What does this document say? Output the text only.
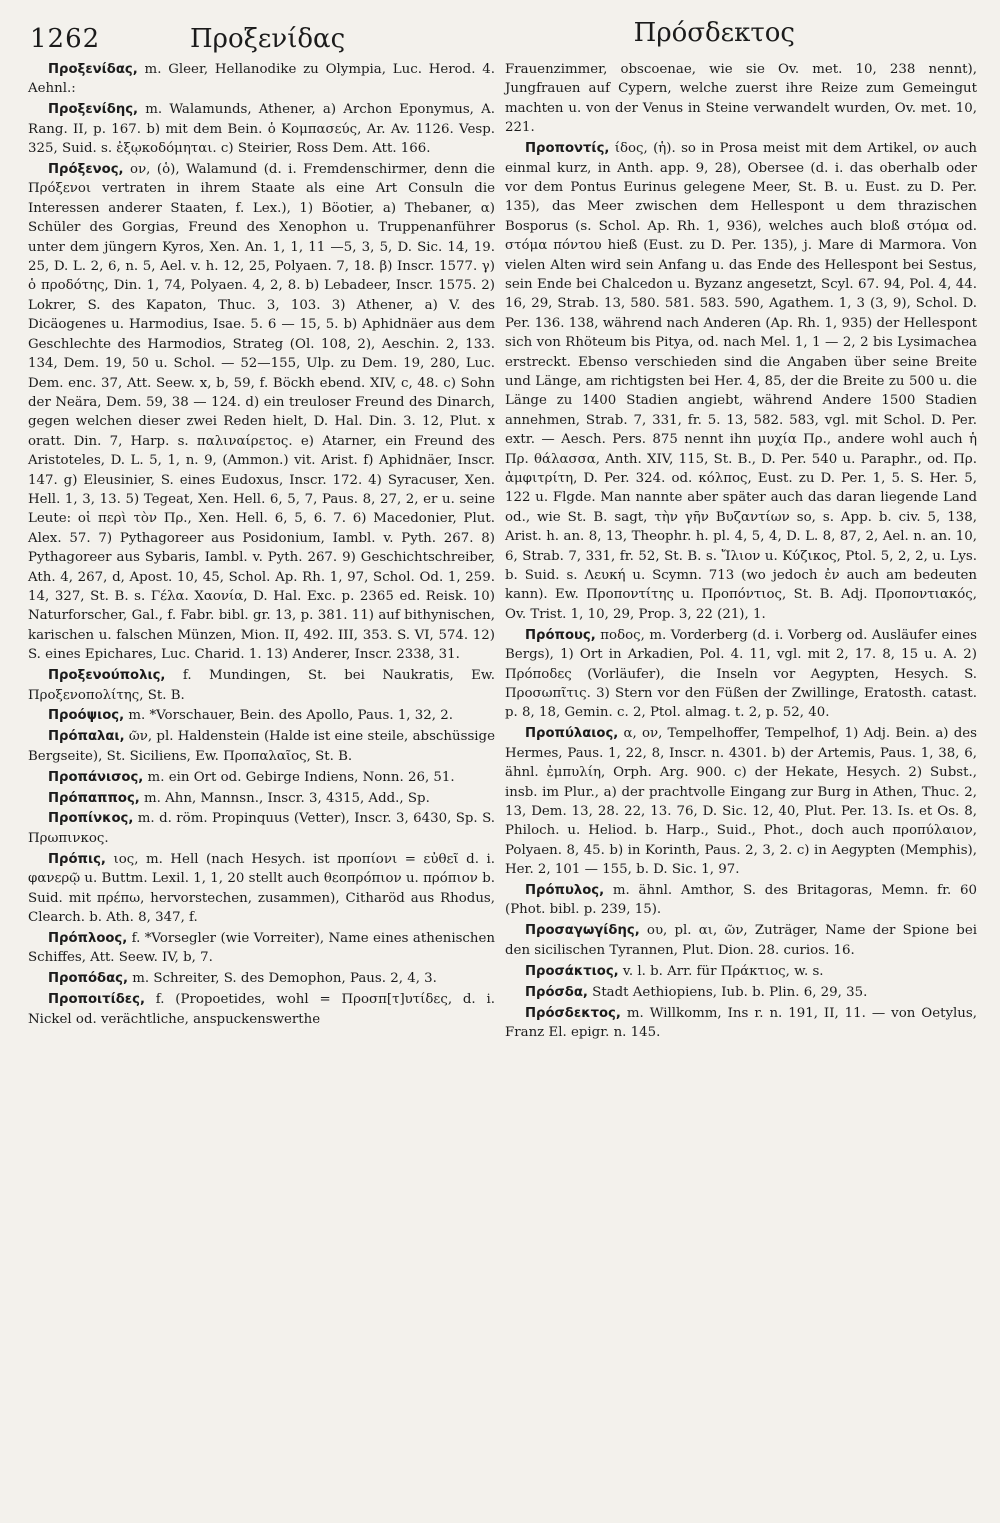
1262	Προξενίδας	Πρόσδεκτος

Προξενίδας, m. Gleer, Hellanodike zu Olympia, Luc. Herod. 4. Aehnl.:

Προξενίδης, m. Walamunds, Athener, a) Archon Eponymus, A. Rang. II, p. 167. b) mit dem Bein. ὁ Κομπασεύς, Ar. Av. 1126. Vesp. 325, Suid. s. ἐξῳκοδόμηται. c) Steirier, Ross Dem. Att. 166.

Πρόξενος, ον, (ὁ), Walamund (d. i. Fremdenschirmer, denn die Πρόξενοι vertraten in ihrem Staate als eine Art Consuln die Interessen anderer Staaten, f. Lex.), 1) Böotier, a) Thebaner, α) Schüler des Gorgias, Freund des Xenophon u. Truppenanführer unter dem jüngern Kyros, Xen. An. 1, 1, 11 —5, 3, 5, D. Sic. 14, 19. 25, D. L. 2, 6, n. 5, Ael. v. h. 12, 25, Polyaen. 7, 18. β) Inscr. 1577. γ) ὁ προδότης, Din. 1, 74, Polyaen. 4, 2, 8. b) Lebadeer, Inscr. 1575. 2) Lokrer, S. des Kapaton, Thuc. 3, 103. 3) Athener, a) V. des Dicäogenes u. Harmodius, Isae. 5. 6 — 15, 5. b) Aphidnäer aus dem Geschlechte des Harmodios, Strateg (Ol. 108, 2), Aeschin. 2, 133. 134, Dem. 19, 50 u. Schol. — 52—155, Ulp. zu Dem. 19, 280, Luc. Dem. enc. 37, Att. Seew. x, b, 59, f. Böckh ebend. XIV, c, 48. c) Sohn der Neära, Dem. 59, 38 — 124. d) ein treuloser Freund des Dinarch, gegen welchen dieser zwei Reden hielt, D. Hal. Din. 3. 12, Plut. x oratt. Din. 7, Harp. s. παλιναίρετος. e) Atarner, ein Freund des Aristoteles, D. L. 5, 1, n. 9, (Ammon.) vit. Arist. f) Aphidnäer, Inscr. 147. g) Eleusinier, S. eines Eudoxus, Inscr. 172. 4) Syracuser, Xen. Hell. 1, 3, 13. 5) Tegeat, Xen. Hell. 6, 5, 7, Paus. 8, 27, 2, er u. seine Leute: οἱ περὶ τὸν Πρ., Xen. Hell. 6, 5, 6. 7. 6) Macedonier, Plut. Alex. 57. 7) Pythagoreer aus Posidonium, Iambl. v. Pyth. 267. 8) Pythagoreer aus Sybaris, Iambl. v. Pyth. 267. 9) Geschichtschreiber, Ath. 4, 267, d, Apost. 10, 45, Schol. Ap. Rh. 1, 97, Schol. Od. 1, 259. 14, 327, St. B. s. Γέλα. Χαονία, D. Hal. Exc. p. 2365 ed. Reisk. 10) Naturforscher, Gal., f. Fabr. bibl. gr. 13, p. 381. 11) auf bithynischen, karischen u. falschen Münzen, Mion. II, 492. III, 353. S. VI, 574. 12) S. eines Epichares, Luc. Charid. 1. 13) Anderer, Inscr. 2338, 31.

Προξενούπολις, f. Mundingen, St. bei Naukratis, Ew. Προξενοπολίτης, St. B.

Προόψιος, m. *Vorschauer, Bein. des Apollo, Paus. 1, 32, 2.

Πρόπαλαι, ῶν, pl. Haldenstein (Halde ist eine steile, abschüssige Bergseite), St. Siciliens, Ew. Προπαλαῖος, St. B.

Προπάνισος, m. ein Ort od. Gebirge Indiens, Nonn. 26, 51.

Πρόπαππος, m. Ahn, Mannsn., Inscr. 3, 4315, Add., Sp.

Προπίνκος, m. d. röm. Propinquus (Vetter), Inscr. 3, 6430, Sp. S. Πρωπινκος.

Πρόπις, ιος, m. Hell (nach Hesych. ist προπίονι = εὐθεῖ d. i. φανερῷ u. Buttm. Lexil. 1, 1, 20 stellt auch θεοπρόπιον u. πρόπιον b. Suid. mit πρέπω, hervorstechen, zusammen), Citharöd aus Rhodus, Clearch. b. Ath. 8, 347, f.

Πρόπλοος, f. *Vorsegler (wie Vorreiter), Name eines athenischen Schiffes, Att. Seew. IV, b, 7.

Προπόδας, m. Schreiter, S. des Demophon, Paus. 2, 4, 3.

Προποιτίδες, f. (Propoetides, wohl = Προσπ[τ]υτίδες, d. i. Nickel od. verächtliche, anspuckenswerthe

Frauenzimmer, obscoenae, wie sie Ov. met. 10, 238 nennt), Jungfrauen auf Cypern, welche zuerst ihre Reize zum Gemeingut machten u. von der Venus in Steine verwandelt wurden, Ov. met. 10, 221.

Προποντίς, ίδος, (ἡ). so in Prosa meist mit dem Artikel, ον auch einmal kurz, in Anth. app. 9, 28), Obersee (d. i. das oberhalb oder vor dem Pontus Eurinus gelegene Meer, St. B. u. Eust. zu D. Per. 135), das Meer zwischen dem Hellespont u dem thrazischen Bosporus (s. Schol. Ap. Rh. 1, 936), welches auch bloß στόμα od. στόμα πόντου hieß (Eust. zu D. Per. 135), j. Mare di Marmora. Von vielen Alten wird sein Anfang u. das Ende des Hellespont bei Sestus, sein Ende bei Chalcedon u. Byzanz angesetzt, Scyl. 67. 94, Pol. 4, 44. 16, 29, Strab. 13, 580. 581. 583. 590, Agathem. 1, 3 (3, 9), Schol. D. Per. 136. 138, während nach Anderen (Ap. Rh. 1, 935) der Hellespont sich von Rhöteum bis Pitya, od. nach Mel. 1, 1 — 2, 2 bis Lysimachea erstreckt. Ebenso verschieden sind die Angaben über seine Breite und Länge, am richtigsten bei Her. 4, 85, der die Breite zu 500 u. die Länge zu 1400 Stadien angiebt, während Andere 1500 Stadien annehmen, Strab. 7, 331, fr. 5. 13, 582. 583, vgl. mit Schol. D. Per. extr. — Aesch. Pers. 875 nennt ihn μυχία Πρ., andere wohl auch ἡ Πρ. θάλασσα, Anth. XIV, 115, St. B., D. Per. 540 u. Paraphr., od. Πρ. ἀμφιτρίτη, D. Per. 324. od. κόλπος, Eust. zu D. Per. 1, 5. S. Her. 5, 122 u. Flgde. Man nannte aber später auch das daran liegende Land od., wie St. B. sagt, τὴν γῆν Βυζαντίων so, s. App. b. civ. 5, 138, Arist. h. an. 8, 13, Theophr. h. pl. 4, 5, 4, D. L. 8, 87, 2, Ael. n. an. 10, 6, Strab. 7, 331, fr. 52, St. B. s. Ἴλιον u. Κύζικος, Ptol. 5, 2, 2, u. Lys. b. Suid. s. Λευκή u. Scymn. 713 (wo jedoch ἐν auch am bedeuten kann). Ew. Προποντίτης u. Προπόντιος, St. B. Adj. Προποντιακός, Ov. Trist. 1, 10, 29, Prop. 3, 22 (21), 1.

Πρόπους, ποδος, m. Vorderberg (d. i. Vorberg od. Ausläufer eines Bergs), 1) Ort in Arkadien, Pol. 4. 11, vgl. mit 2, 17. 8, 15 u. A. 2) Πρόποδες (Vorläufer), die Inseln vor Aegypten, Hesych. S. Προσωπῖτις. 3) Stern vor den Füßen der Zwillinge, Eratosth. catast. p. 8, 18, Gemin. c. 2, Ptol. almag. t. 2, p. 52, 40.

Προπύλαιος, α, ον, Tempelhoffer, Tempelhof, 1) Adj. Bein. a) des Hermes, Paus. 1, 22, 8, Inscr. n. 4301. b) der Artemis, Paus. 1, 38, 6, ähnl. ἐμπυλίη, Orph. Arg. 900. c) der Hekate, Hesych. 2) Subst., insb. im Plur., a) der prachtvolle Eingang zur Burg in Athen, Thuc. 2, 13, Dem. 13, 28. 22, 13. 76, D. Sic. 12, 40, Plut. Per. 13. Is. et Os. 8, Philoch. u. Heliod. b. Harp., Suid., Phot., doch auch προπύλαιον, Polyaen. 8, 45. b) in Korinth, Paus. 2, 3, 2. c) in Aegypten (Memphis), Her. 2, 101 — 155, b. D. Sic. 1, 97.

Πρόπυλος, m. ähnl. Amthor, S. des Britagoras, Memn. fr. 60 (Phot. bibl. p. 239, 15).

Προσαγωγίδης, ου, pl. αι, ῶν, Zuträger, Name der Spione bei den sicilischen Tyrannen, Plut. Dion. 28. curios. 16.

Προσάκτιος, v. l. b. Arr. für Πράκτιος, w. s.

Πρόσδα, Stadt Aethiopiens, Iub. b. Plin. 6, 29, 35.

Πρόσδεκτος, m. Willkomm, Ins r. n. 191, II, 11. — von Oetylus, Franz El. epigr. n. 145.
